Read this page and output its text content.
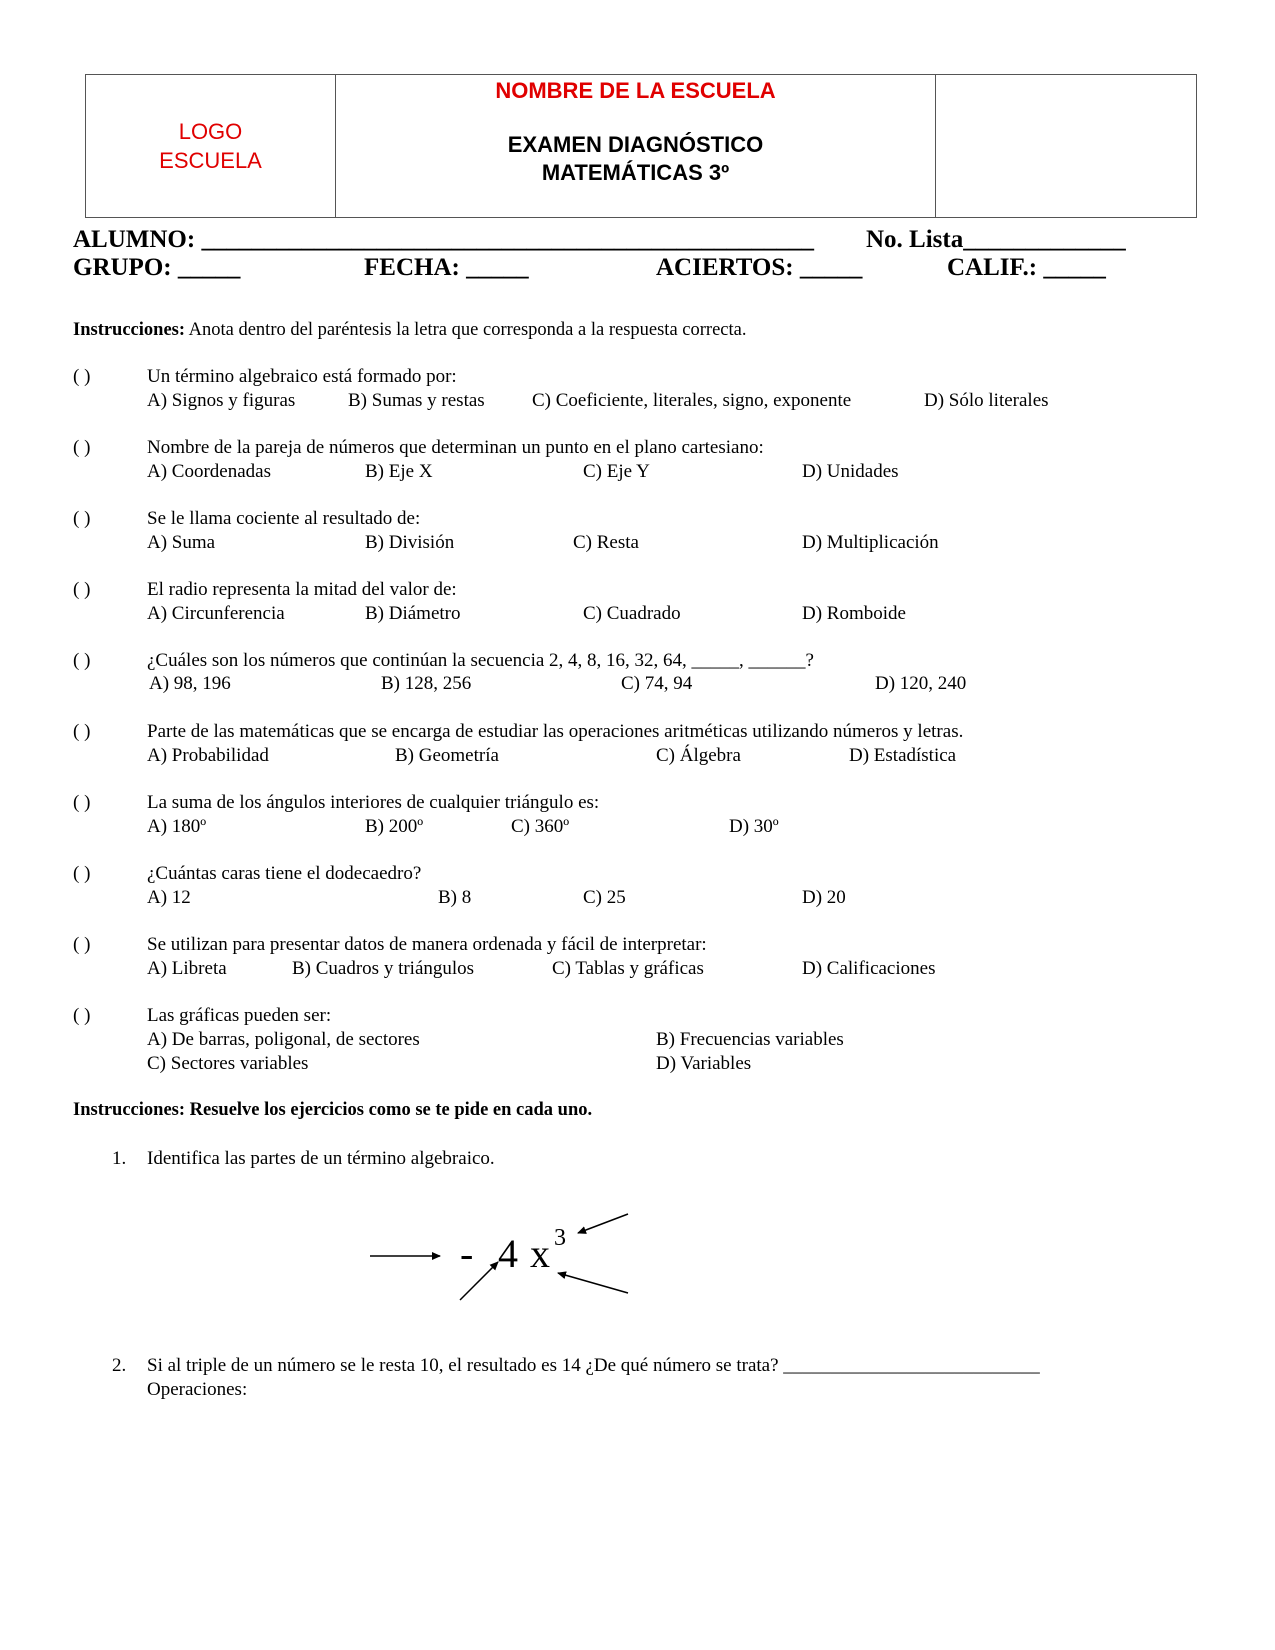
LOGO
ESCUELA
NOMBRE DE LA ESCUELA
EXAMEN DIAGNÓSTICO
MATEMÁTICAS 3º
ALUMNO: _________________________________________________ No. Lista_____________
GRUPO: _____	FECHA: _____	ACIERTOS: _____	CALIF.: _____
Instrucciones: Anota dentro del paréntesis la letra que corresponda a la respuesta correcta.
( )	Un término algebraico está formado por:
A) Signos y figuras	B) Sumas y restas C) Coeficiente, literales, signo, exponente	D) Sólo literales
( )	Nombre de la pareja de números que determinan un punto en el plano cartesiano:
A) Coordenadas	B) Eje X	C) Eje Y	D) Unidades
( )	Se le llama cociente al resultado de:
A) Suma	B) División	C) Resta	D) Multiplicación
( )	El radio representa la mitad del valor de:
A) Circunferencia	B) Diámetro	C) Cuadrado	D) Romboide
( )	¿Cuáles son los números que continúan la secuencia 2, 4, 8, 16, 32, 64, _____, ______?
A) 98, 196	B) 128, 256	C) 74, 94	D) 120, 240
( )	Parte de las matemáticas que se encarga de estudiar las operaciones aritméticas utilizando números y letras.
A) Probabilidad	B) Geometría	C) Álgebra	D) Estadística
( )	La suma de los ángulos interiores de cualquier triángulo es:
A) 180º	B) 200º	C) 360º	D) 30º
( )	¿Cuántas caras tiene el dodecaedro?
A) 12	B) 8	C) 25	D) 20
( )	Se utilizan para presentar datos de manera ordenada y fácil de interpretar:
A) Libreta	B) Cuadros y triángulos	C) Tablas y gráficas	D) Calificaciones
( )	Las gráficas pueden ser:
A) De barras, poligonal, de sectores	B) Frecuencias variables
C) Sectores variables	D) Variables
Instrucciones: Resuelve los ejercicios como se te pide en cada uno.
1. Identifica las partes de un término algebraico.
- 4 x 3
2. Si al triple de un número se le resta 10, el resultado es 14 ¿De qué número se trata? ___________________________
Operaciones:
